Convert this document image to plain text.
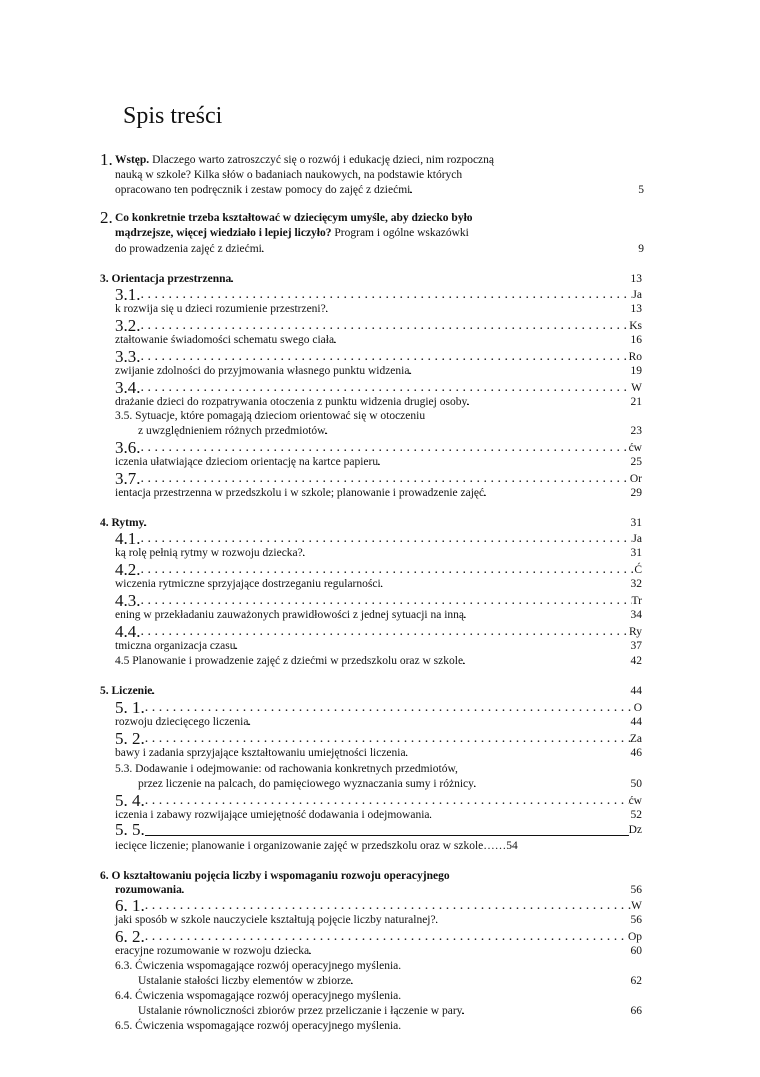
Spis treści
1. Wstęp. Dlaczego warto zatroszczyć się o rozwój i edukację dzieci, nim rozpoczną
nauką w szkole? Kilka słów o badaniach naukowych, na podstawie których
opracowano ten podręcznik i zestaw pomocy do zajęć z dziećmi . . .	5
2. Co konkretnie trzeba kształtować w dziecięcym umyśle, aby dziecko było
mądrzejsze, więcej wiedziało i lepiej liczyło? Program i ogólne wskazówki
do prowadzenia zajęć z dziećmi . . .	9
3. Orientacja przestrzenna . . .	13
3.1. . . .	Ja
k rozwija się u dzieci rozumienie przestrzeni? . . .	13
3.2. . . .	Ks
ztałtowanie świadomości schematu swego ciała . . .	16
3.3. . . .	Ro
zwijanie zdolności do przyjmowania własnego punktu widzenia . . .	19
3.4. . . .	W
drażanie dzieci do rozpatrywania otoczenia z punktu widzenia drugiej osoby . . .	21
3.5. Sytuacje, które pomagają dzieciom orientować się w otoczeniu
z uwzględnieniem różnych przedmiotów . . .	23
3.6. . . .	ćw
iczenia ułatwiające dzieciom orientację na kartce papieru . . .	25
3.7. . . .	Or
ientacja przestrzenna w przedszkolu i w szkole; planowanie i prowadzenie zajęć . . .	29
4. Rytmy . . .	31
4.1. . . .	Ja
ką rolę pełnią rytmy w rozwoju dziecka? . . .	31
4.2. . . .	Ć
wiczenia rytmiczne sprzyjające dostrzeganiu regularności . . .	32
4.3. . . .	Tr
ening w przekładaniu zauważonych prawidłowości z jednej sytuacji na inną . . .	34
4.4. . . .	Ry
tmiczna organizacja czasu . . .	37
4.5 Planowanie i prowadzenie zajęć z dziećmi w przedszkolu oraz w szkole . . .	42
5. Liczenie . . .	44
5. 1. . . .	O
rozwoju dziecięcego liczenia . . .	44
5. 2. . . .	Za
bawy i zadania sprzyjające kształtowaniu umiejętności liczenia . . .	46
5.3. Dodawanie i odejmowanie: od rachowania konkretnych przedmiotów,
przez liczenie na palcach, do pamięciowego wyznaczania sumy i różnicy . . .	50
5. 4. . . .	ćw
iczenia i zabawy rozwijające umiejętność dodawania i odejmowania . . .	52
5. 5.	Dz
iecięce liczenie; planowanie i organizowanie zajęć w przedszkolu oraz w szkole……54
6. O kształtowaniu pojęcia liczby i wspomaganiu rozwoju operacyjnego
rozumowania . . .	56
6. 1. . . .	W
jaki sposób w szkole nauczyciele kształtują pojęcie liczby naturalnej? . . .	56
6. 2. . . .	Op
eracyjne rozumowanie w rozwoju dziecka . . .	60
6.3. Ćwiczenia wspomagające rozwój operacyjnego myślenia.
Ustalanie stałości liczby elementów w zbiorze . . .	62
6.4. Ćwiczenia wspomagające rozwój operacyjnego myślenia.
Ustalanie równoliczności zbiorów przez przeliczanie i łączenie w pary . . .	66
6.5. Ćwiczenia wspomagające rozwój operacyjnego myślenia.
